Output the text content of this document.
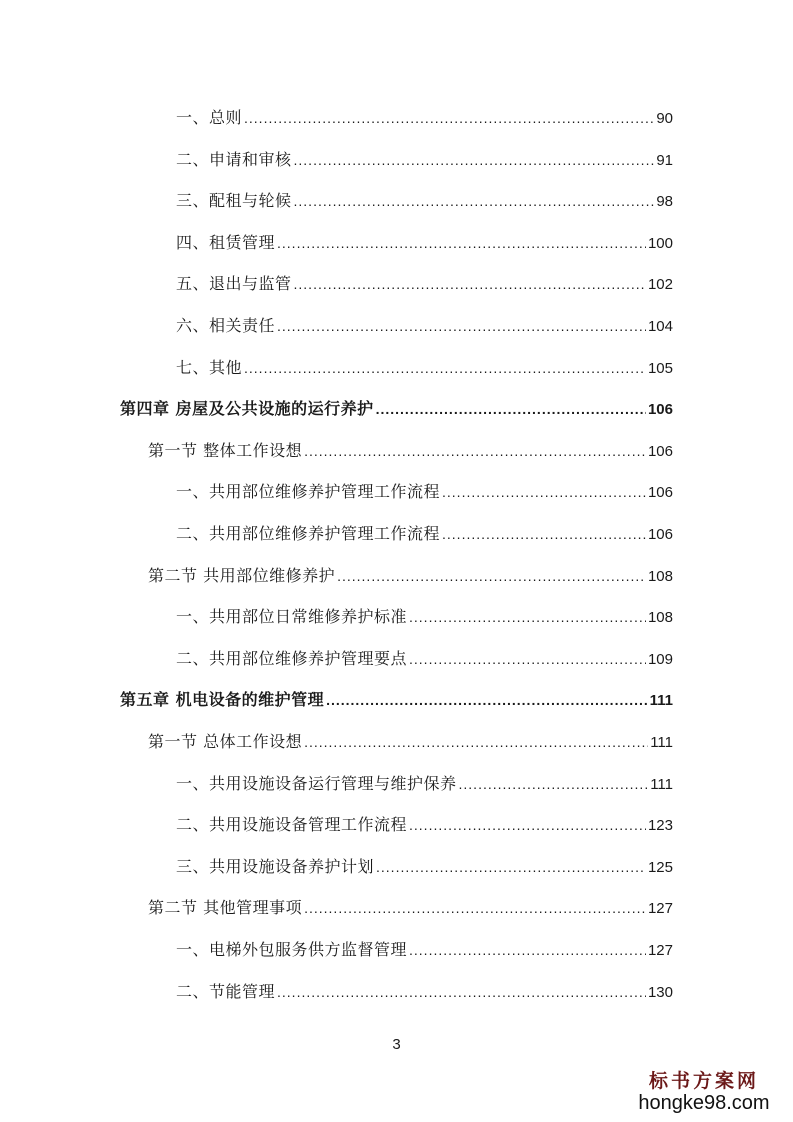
一、总则 .....	90
二、申请和审核 .....	91
三、配租与轮候 .....	98
四、租赁管理 .....	100
五、退出与监管 .....	102
六、相关责任 .....	104
七、其他 .....	105
第四章 房屋及公共设施的运行养护 .....	106
第一节 整体工作设想 .....	106
一、共用部位维修养护管理工作流程 .....	106
二、共用部位维修养护管理工作流程 .....	106
第二节 共用部位维修养护 .....	108
一、共用部位日常维修养护标准 .....	108
二、共用部位维修养护管理要点 .....	109
第五章 机电设备的维护管理 .....	111
第一节 总体工作设想 .....	111
一、共用设施设备运行管理与维护保养 .....	111
二、共用设施设备管理工作流程 .....	123
三、共用设施设备养护计划 .....	125
第二节 其他管理事项 .....	127
一、电梯外包服务供方监督管理 .....	127
二、节能管理 .....	130
3
标书方案网
hongke98.com
